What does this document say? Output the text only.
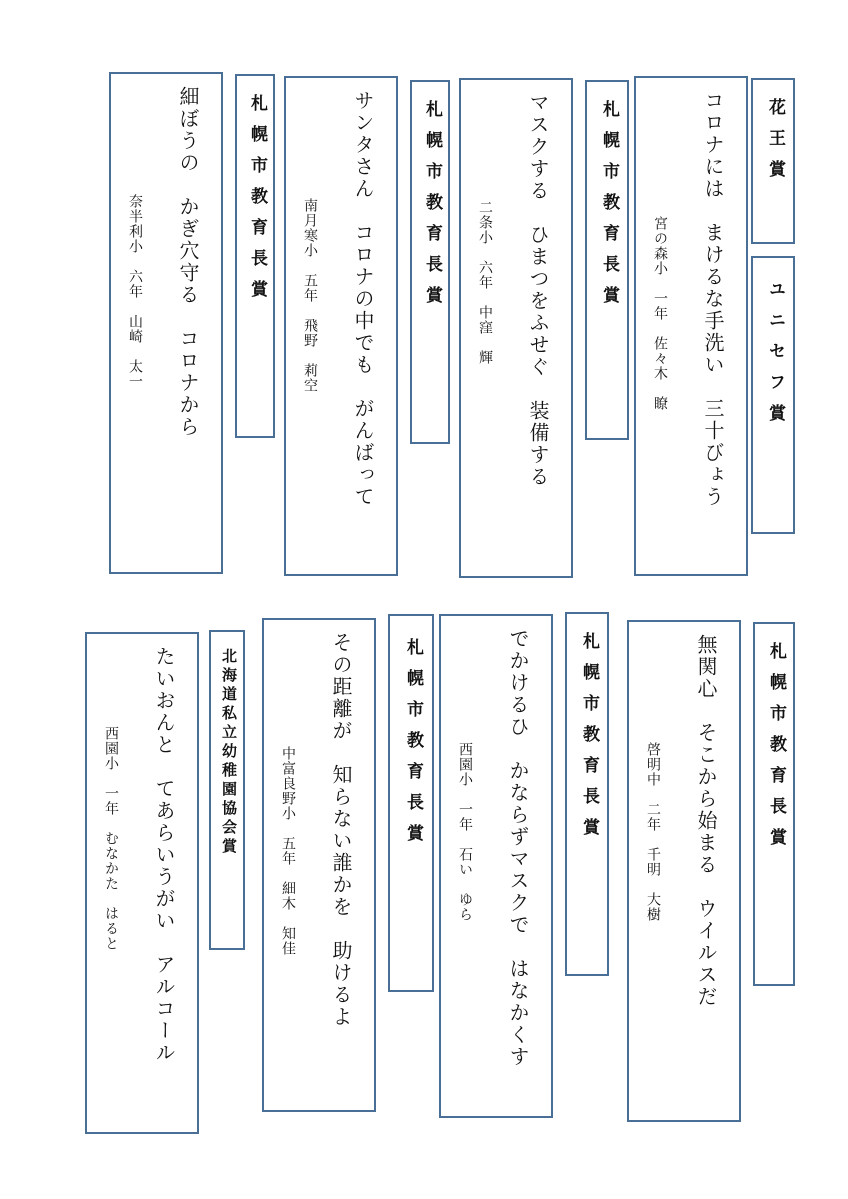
花王賞
ユニセフ賞
コロナには　まけるな手洗い　三十びょう
宮の森小　一年　佐々木　瞭
札幌市教育長賞
マスクする　ひまつをふせぐ　装備する
二条小　六年　中窪　輝
札幌市教育長賞
サンタさん　コロナの中でも　がんばって
南月寒小　五年　飛野　莉空
札幌市教育長賞
細ぼうの　かぎ穴守る　コロナから
奈半利小　六年　山崎　太一
札幌市教育長賞
無関心　そこから始まる　ウイルスだ
啓明中　二年　千明　大樹
札幌市教育長賞
でかけるひ　かならずマスクで　はなかくす
西園小　一年　石い　ゆら
札幌市教育長賞
その距離が　知らない誰かを　助けるよ
中富良野小　五年　細木　知佳
北海道私立幼稚園協会賞
たいおんと　てあらいうがい　アルコール
西園小　一年　むなかた　はると
